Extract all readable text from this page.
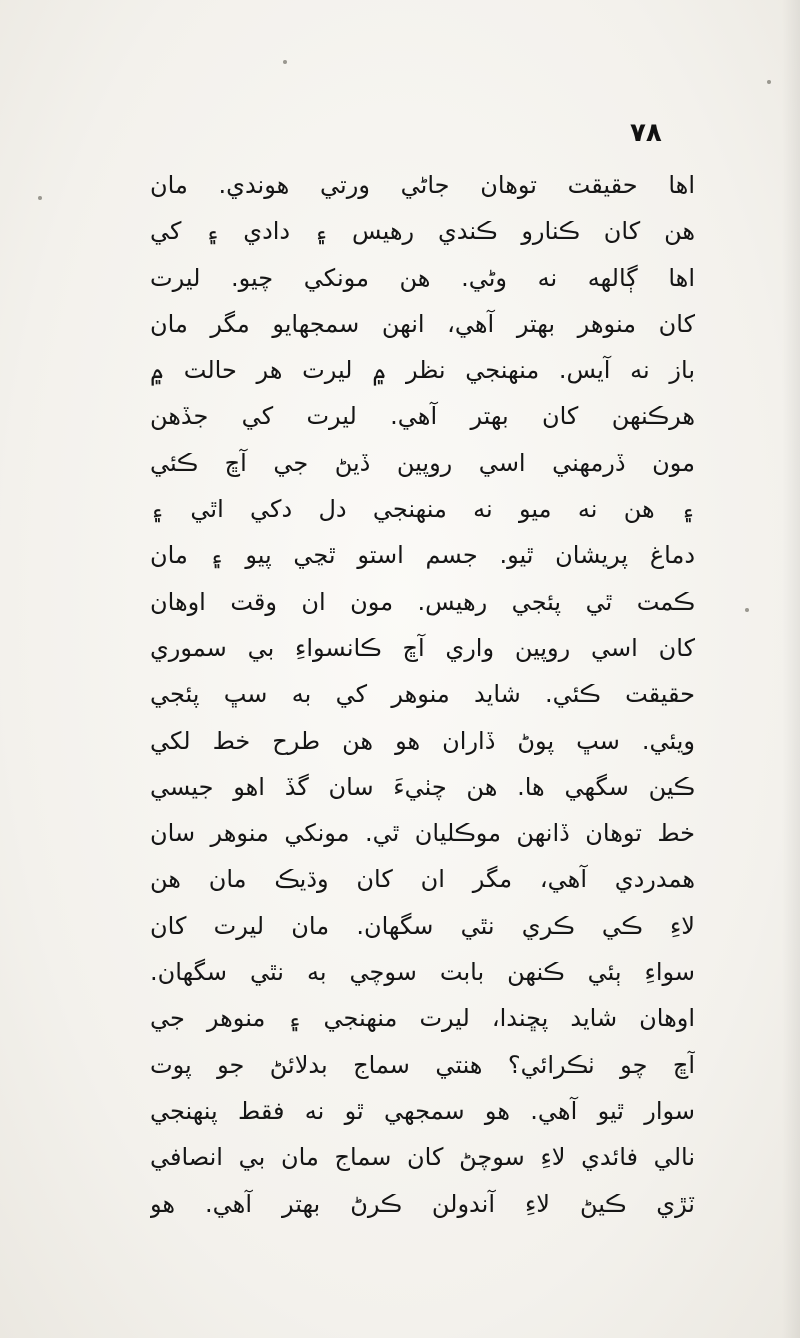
٧٨
اها حقيقت توهان جاڻي ورتي هوندي. مان
هن کان ڪنارو ڪندي رهيس ۽ دادي ۽ کي
اها ڳالهه نه وڻي. هن مونکي چيو. ليرت
کان منوهر بهتر آهي، انهن سمجهايو مگر مان
باز نه آيس. منهنجي نظر ۾ ليرت هر حالت ۾
هرڪنهن کان بهتر آهي. ليرت کي جڏهن
مون ڏرمهني اسي روپين ڏيڻ جي آڇ ڪئي
۽ هن نه ميو نه منهنجي دل دکي اٿي ۽
دماغ پريشان ٿيو. جسم استو ٿڃي پيو ۽ مان
ڪمت ٿي پئجي رهيس. مون ان وقت اوهان
کان اسي روپين واري آڇ ڪانسواءِ بي سموري
حقيقت ڪئي. شايد منوهر کي به سڀ پئجي
ويئي. سڀ پوڻ ڏاران هو هن طرح خط لکي
ڪين سگهي ها. هن چٺيءَ سان گڏ اهو جيسي
خط توهان ڏانهن موڪليان ٿي. مونکي منوهر سان
همدردي آهي، مگر ان کان وڌيڪ مان هن
لاءِ ڪي ڪري نٿي سگهان. مان ليرت کان
سواءِ ٻئي ڪنهن بابت سوچي به نٿي سگهان.
اوهان شايد پڇندا، ليرت منهنجي ۽ منوهر جي
آڇ چو ٺڪرائي؟ هنتي سماج بدلائڻ جو پوت
سوار ٿيو آهي. هو سمجهي ٿو نه فقط پنهنجي
نالي فائدي لاءِ سوچڻ کان سماج مان بي انصافي
ٽڙي ڪيڻ لاءِ آندولن ڪرڻ بهتر آهي. هو
